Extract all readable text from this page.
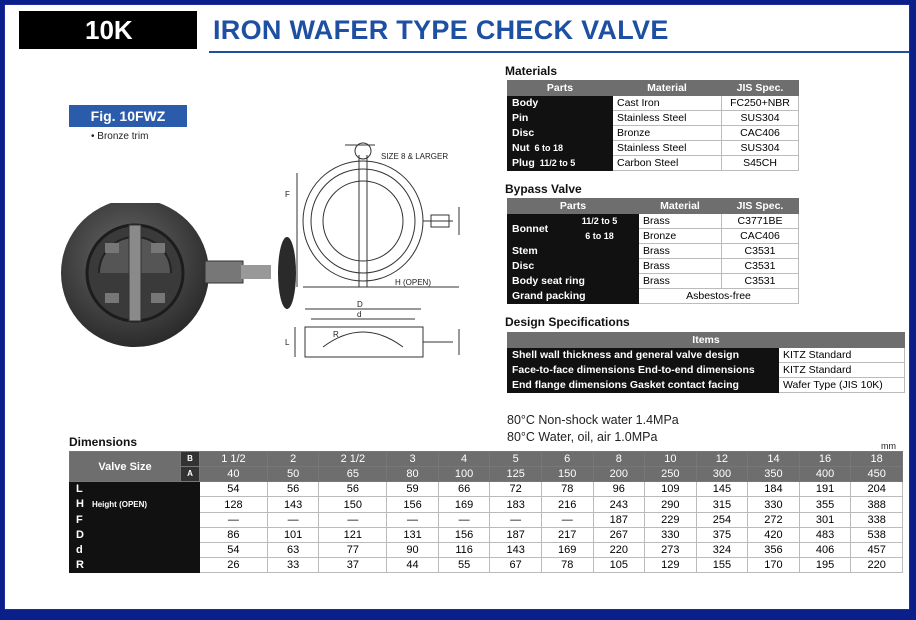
10K	IRON WAFER TYPE CHECK VALVE
Fig. 10FWZ
• Bronze trim
SIZE 8 & LARGER
H (OPEN)
F
D
d
L
R
Materials
Parts	Material	JIS Spec.
Body	Cast Iron	FC250+NBR
Pin	Stainless Steel	SUS304
Disc	Bronze	CAC406
Nut 6 to 18	Stainless Steel	SUS304
Plug 11/2 to 5	Carbon Steel	S45CH
Bypass Valve
Parts		Material	JIS Spec.
Bonnet	11/2 to 5	Brass	C3771BE
	6 to 18	Bronze	CAC406
Stem		Brass	C3531
Disc		Brass	C3531
Body seat ring		Brass	C3531
Grand packing		Asbestos-free	
Design Specifications
Items	
Shell wall thickness and general valve design	KITZ Standard
Face-to-face dimensions End-to-end dimensions	KITZ Standard
End flange dimensions Gasket contact facing	Wafer Type (JIS 10K)
80°C Non-shock water 1.4MPa
80°C Water, oil, air 1.0MPa
Dimensions	mm
Valve Size	B	1 1/2	2	2 1/2	3	4	5	6	8	10	12	14	16	18
	A	40	50	65	80	100	125	150	200	250	300	350	400	450
L		54	56	56	59	66	72	78	96	109	145	184	191	204
H Height (OPEN)		128	143	150	156	169	183	216	243	290	315	330	355	388
F		—	—	—	—	—	—	—	187	229	254	272	301	338
D		86	101	121	131	156	187	217	267	330	375	420	483	538
d		54	63	77	90	116	143	169	220	273	324	356	406	457
R		26	33	37	44	55	67	78	105	129	155	170	195	220
